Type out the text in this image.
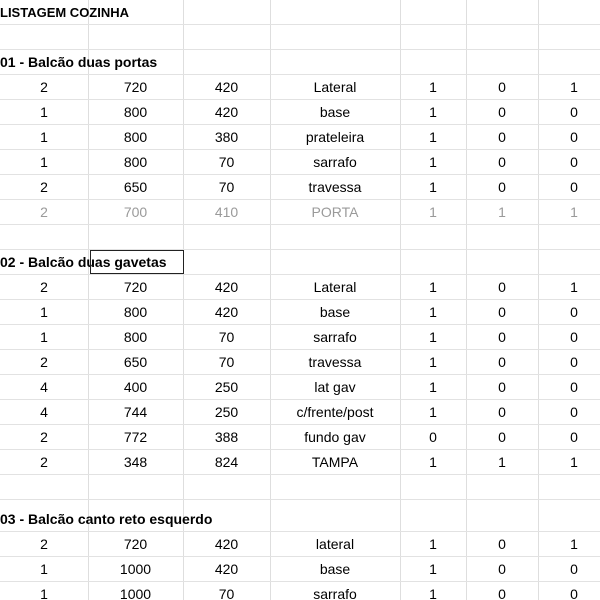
LISTAGEM COZINHA
01 - Balcão duas portas
2	720	420	Lateral	1	0	1
1	800	420	base	1	0	0
1	800	380	prateleira	1	0	0
1	800	70	sarrafo	1	0	0
2	650	70	travessa	1	0	0
2	700	410	PORTA	1	1	1
02 - Balcão duas gavetas
2	720	420	Lateral	1	0	1
1	800	420	base	1	0	0
1	800	70	sarrafo	1	0	0
2	650	70	travessa	1	0	0
4	400	250	lat gav	1	0	0
4	744	250	c/frente/post	1	0	0
2	772	388	fundo gav	0	0	0
2	348	824	TAMPA	1	1	1
03 - Balcão canto reto esquerdo
2	720	420	lateral	1	0	1
1	1000	420	base	1	0	0
1	1000	70	sarrafo	1	0	0
